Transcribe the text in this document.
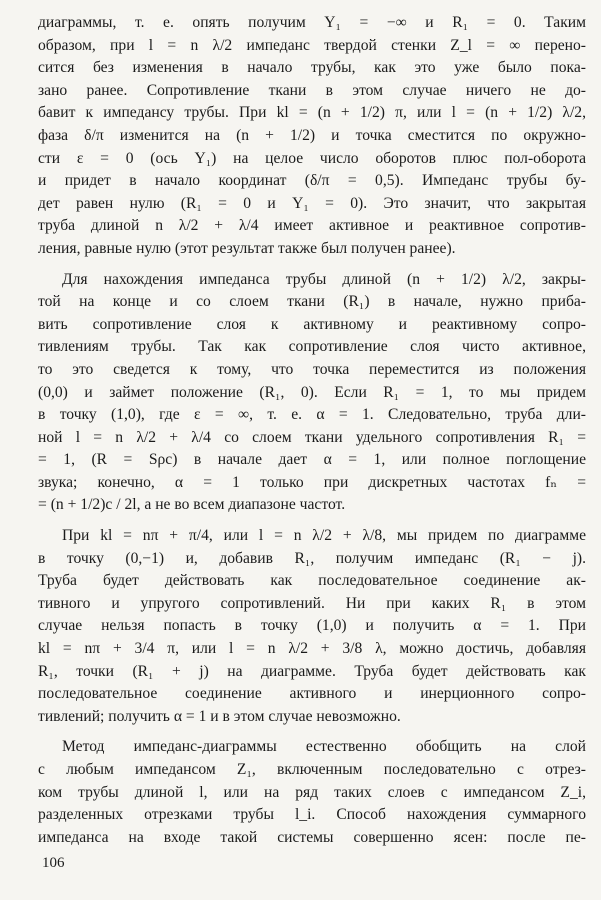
диаграммы, т. е. опять получим Y₁ = −∞ и R₁ = 0. Таким
образом, при l = n λ/2 импеданс твердой стенки Z_l = ∞ перено-
сится без изменения в начало трубы, как это уже было пока-
зано ранее. Сопротивление ткани в этом случае ничего не до-
бавит к импедансу трубы. При kl = (n + 1/2) π, или l = (n + 1/2) λ/2,
фаза δ/π изменится на (n + 1/2) и точка сместится по окружно-
сти ε = 0 (ось Y₁) на целое число оборотов плюс пол-оборота
и придет в начало координат (δ/π = 0,5). Импеданс трубы бу-
дет равен нулю (R₁ = 0 и Y₁ = 0). Это значит, что закрытая
труба длиной n λ/2 + λ/4 имеет активное и реактивное сопротив-
ления, равные нулю (этот результат также был получен ранее).
Для нахождения импеданса трубы длиной (n + 1/2) λ/2, закры-
той на конце и со слоем ткани (R₁) в начале, нужно приба-
вить сопротивление слоя к активному и реактивному сопро-
тивлениям трубы. Так как сопротивление слоя чисто активное,
то это сведется к тому, что точка переместится из положения
(0,0) и займет положение (R₁, 0). Если R₁ = 1, то мы придем
в точку (1,0), где ε = ∞, т. е. α = 1. Следовательно, труба дли-
ной l = n λ/2 + λ/4 со слоем ткани удельного сопротивления R₁ =
= 1, (R = Sρc) в начале дает α = 1, или полное поглощение
звука; конечно, α = 1 только при дискретных частотах fₙ =
= (n + 1/2)c / 2l, а не во всем диапазоне частот.
При kl = nπ + π/4, или l = n λ/2 + λ/8, мы придем по диаграмме
в точку (0,−1) и, добавив R₁, получим импеданс (R₁ − j).
Труба будет действовать как последовательное соединение ак-
тивного и упругого сопротивлений. Ни при каких R₁ в этом
случае нельзя попасть в точку (1,0) и получить α = 1. При
kl = nπ + 3/4 π, или l = n λ/2 + 3/8 λ, можно достичь, добавляя
R₁, точки (R₁ + j) на диаграмме. Труба будет действовать как
последовательное соединение активного и инерционного сопро-
тивлений; получить α = 1 и в этом случае невозможно.
Метод импеданс-диаграммы естественно обобщить на слой
с любым импедансом Z₁, включенным последовательно с отрез-
ком трубы длиной l, или на ряд таких слоев с импедансом Z_i,
разделенных отрезками трубы l_i. Способ нахождения суммарного
импеданса на входе такой системы совершенно ясен: после пе-
106
